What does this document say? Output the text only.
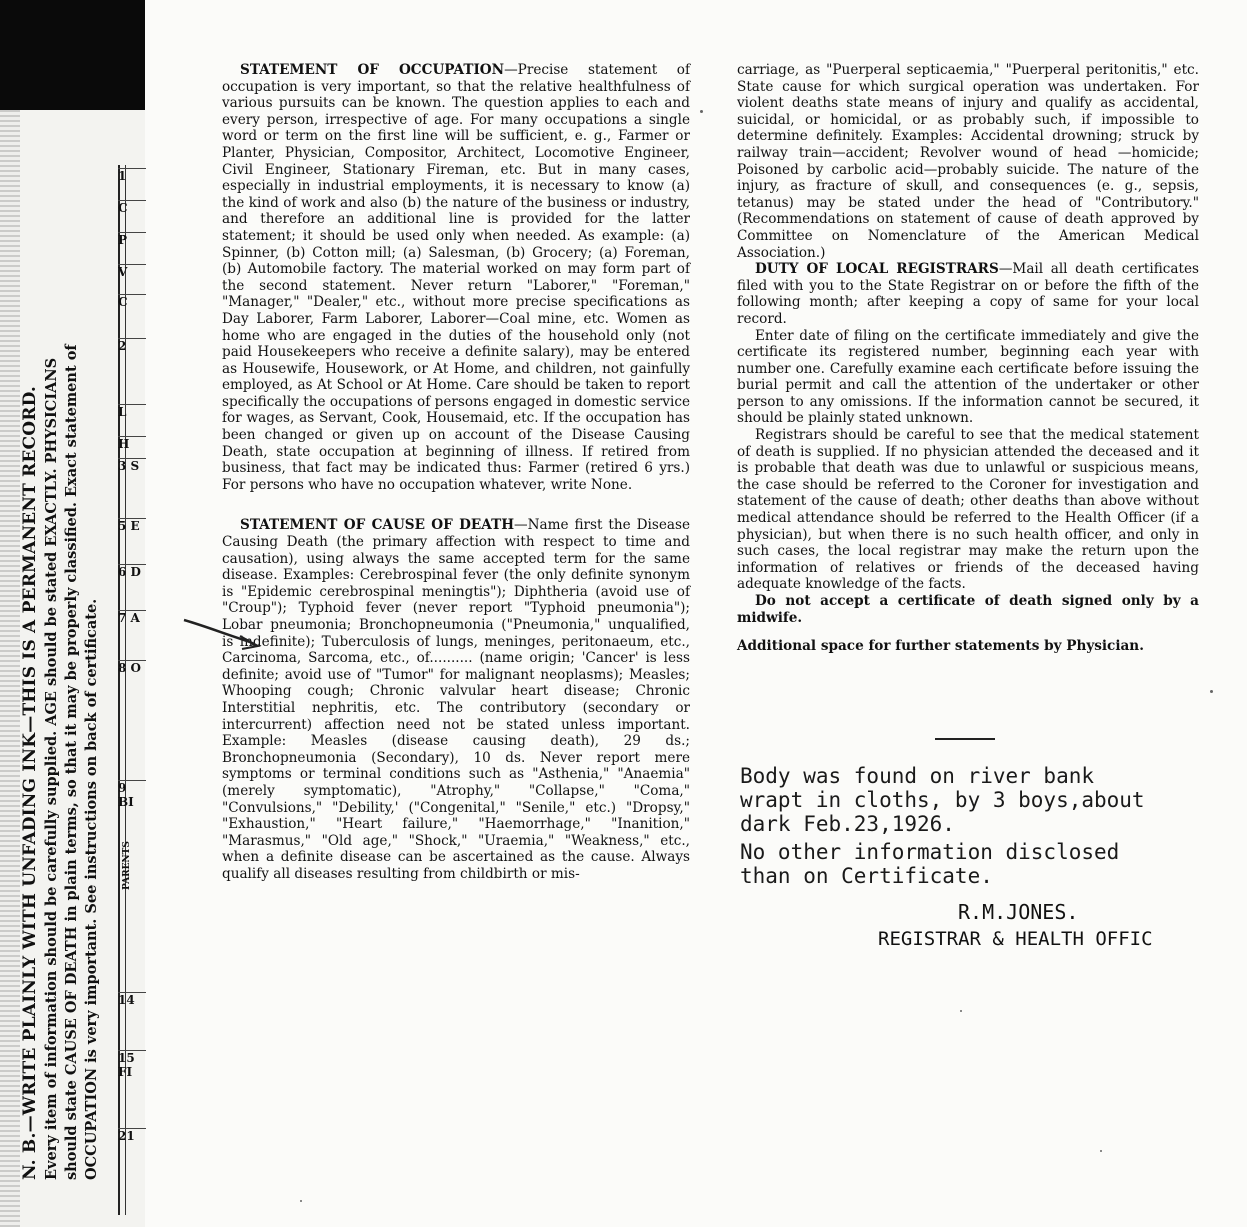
N. B.—WRITE PLAINLY WITH UNFADING INK—THIS IS A PERMANENT RECORD. Every item of information should be carefully supplied. AGE should be stated EXACTLY. PHYSICIANS should state CAUSE OF DEATH in plain terms, so that it may be properly classified. Exact statement of OCCUPATION is very important. See instructions on back of certificate.
1
C
P
V
C
2
L
H
3 S
5 E
6 D
7 A
8 O
9 BI
14
15 FI
21
PARENTS

STATEMENT OF OCCUPATION—Precise statement of occupation is very important, so that the relative healthfulness of various pursuits can be known. The question applies to each and every person, irrespective of age. For many occupations a single word or term on the first line will be sufficient, e. g., Farmer or Planter, Physician, Compositor, Architect, Locomotive Engineer, Civil Engineer, Stationary Fireman, etc. But in many cases, especially in industrial employments, it is necessary to know (a) the kind of work and also (b) the nature of the business or industry, and therefore an additional line is provided for the latter statement; it should be used only when needed. As example: (a) Spinner, (b) Cotton mill; (a) Salesman, (b) Grocery; (a) Foreman, (b) Automobile factory. The material worked on may form part of the second statement. Never return "Laborer," "Foreman," "Manager," "Dealer," etc., without more precise specifications as Day Laborer, Farm Laborer, Laborer—Coal mine, etc. Women as home who are engaged in the duties of the household only (not paid Housekeepers who receive a definite salary), may be entered as Housewife, Housework, or At Home, and children, not gainfully employed, as At School or At Home. Care should be taken to report specifically the occupations of persons engaged in domestic service for wages, as Servant, Cook, Housemaid, etc. If the occupation has been changed or given up on account of the Disease Causing Death, state occupation at beginning of illness. If retired from business, that fact may be indicated thus: Farmer (retired 6 yrs.) For persons who have no occupation whatever, write None.

STATEMENT OF CAUSE OF DEATH—Name first the Disease Causing Death (the primary affection with respect to time and causation), using always the same accepted term for the same disease. Examples: Cerebrospinal fever (the only definite synonym is "Epidemic cerebrospinal meningtis"); Diphtheria (avoid use of "Croup"); Typhoid fever (never report "Typhoid pneumonia"); Lobar pneumonia; Bronchopneumonia ("Pneumonia," unqualified, is indefinite); Tuberculosis of lungs, meninges, peritonaeum, etc., Carcinoma, Sarcoma, etc., of.......... (name origin; 'Cancer' is less definite; avoid use of "Tumor" for malignant neoplasms); Measles; Whooping cough; Chronic valvular heart disease; Chronic Interstitial nephritis, etc. The contributory (secondary or intercurrent) affection need not be stated unless important. Example: Measles (disease causing death), 29 ds.; Bronchopneumonia (Secondary), 10 ds. Never report mere symptoms or terminal conditions such as "Asthenia," "Anaemia" (merely symptomatic), "Atrophy," "Collapse," "Coma," "Convulsions," "Debility,' ("Congenital," "Senile," etc.) "Dropsy," "Exhaustion," "Heart failure," "Haemorrhage," "Inanition," "Marasmus," "Old age," "Shock," "Uraemia," "Weakness," etc., when a definite disease can be ascertained as the cause. Always qualify all diseases resulting from childbirth or mis-

carriage, as "Puerperal septicaemia," "Puerperal peritonitis," etc. State cause for which surgical operation was undertaken. For violent deaths state means of injury and qualify as accidental, suicidal, or homicidal, or as probably such, if impossible to determine definitely. Examples: Accidental drowning; struck by railway train—accident; Revolver wound of head —homicide; Poisoned by carbolic acid—probably suicide. The nature of the injury, as fracture of skull, and consequences (e. g., sepsis, tetanus) may be stated under the head of "Contributory." (Recommendations on statement of cause of death approved by Committee on Nomenclature of the American Medical Association.)

DUTY OF LOCAL REGISTRARS—Mail all death certificates filed with you to the State Registrar on or before the fifth of the following month; after keeping a copy of same for your local record.

Enter date of filing on the certificate immediately and give the certificate its registered number, beginning each year with number one. Carefully examine each certificate before issuing the burial permit and call the attention of the undertaker or other person to any omissions. If the information cannot be secured, it should be plainly stated unknown.

Registrars should be careful to see that the medical statement of death is supplied. If no physician attended the deceased and it is probable that death was due to unlawful or suspicious means, the case should be referred to the Coroner for investigation and statement of the cause of death; other deaths than above without medical attendance should be referred to the Health Officer (if a physician), but when there is no such health officer, and only in such cases, the local registrar may make the return upon the information of relatives or friends of the deceased having adequate knowledge of the facts.

Do not accept a certificate of death signed only by a midwife.

Additional space for further statements by Physician.
Body was found on river bank
wrapt in cloths, by 3 boys,about
dark Feb.23,1926.
No other information disclosed
than on Certificate.
R.M.JONES.
REGISTRAR & HEALTH OFFIC
